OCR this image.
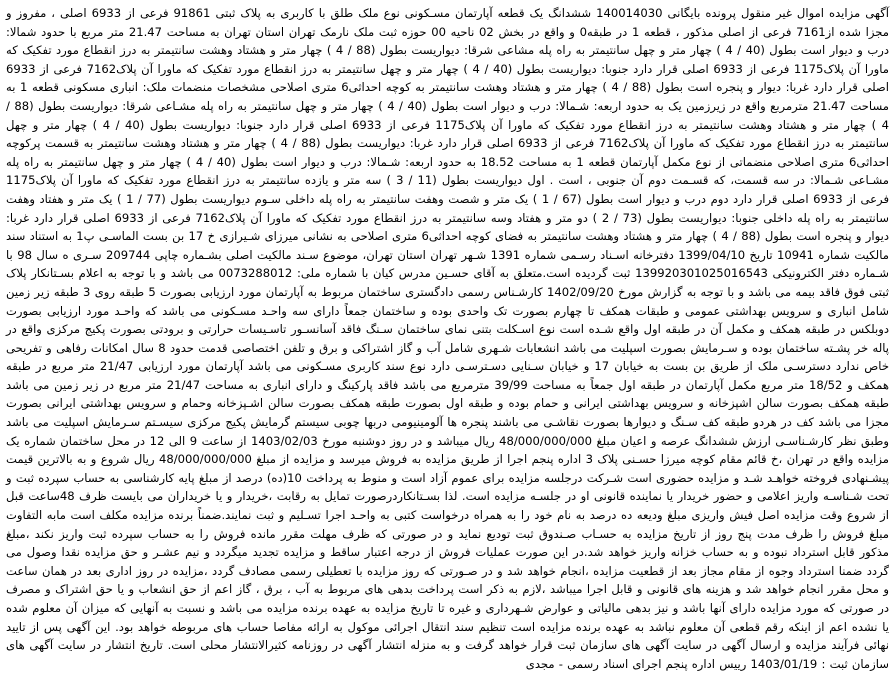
آگهی مزایده اموال غیر منقول پرونده بایگانی 140014030 ششدانگ یک قطعه آپارتمان مسـکونی نوع ملک طلق با کاربری به پلاک ثبتی 91861 فرعی از 6933 اصلی ، مفروز و مجزا شده از7161 فرعی از اصلی مذکور ، قطعه 1 در طبقه0 و واقع در بخش 02 ناحیه 00 حوزه ثبت ملک نارمک تهران استان تهران به مساحت 21.47 متر مربع با حدود شمالا: درب و دیوار است بطول (40 / 4 ) چهار متر و چهل سانتیمتر به راه پله مشاعی شرقا: دیواریست بطول (88 / 4 ) چهار متر و هشتاد وهشت سانتیمتر به درز انقطاع مورد تفکیک که ماورا آن پلاک1175 فرعی از 6933 اصلی قرار دارد جنوبا: دیواریست بطول (40 / 4 ) چهار متر و چهل سانتیمتر به درز انقطاع مورد تفکیک که ماورا آن پلاک7162 فرعی از 6933 اصلی قرار دارد غربا: دیوار و پنجره است بطول (88 / 4 ) چهار متر و هشتاد وهشت سانتیمتر به کوچه احداثی6 متری اصلاحی مشخصات منضمات ملک: انباری مسکونی قطعه 1 به مساحت 21.47 مترمربع واقع در زیرزمین یک به حدود اربعه: شـمالا: درب و دیوار است بطول (40 / 4 ) چهار متر و چهل سانتیمتر به راه پله مشـاعی شرقا: دیواریست بطول (88 / 4 ) چهار متر و هشتاد وهشت سانتیمتر به درز انقطاع مورد تفکیک که ماورا آن پلاک1175 فرعی از 6933 اصلی قرار دارد جنوبا: دیواریست بطول (40 / 4 ) چهار متر و چهل سانتیمتر به درز انقطاع مورد تفکیک که ماورا آن پلاک7162 فرعی از 6933 اصلی قرار دارد غربا: دیواریست بطول (88 / 4 ) چهار متر و هشتاد وهشت سانتیمتر به قسمت پرکوچه احداثی6 متری اصلاحی منضماتی از نوع مکمل آپارتمان قطعه 1 به مساحت 18.52 به حدود اربعه: شـمالا: درب و دیوار است بطول (40 / 4 ) چهار متر و چهل سانتیمتر به راه پله مشـاعی شـمالا: در سه قسمت، که قسـمت دوم آن جنوبی ، است . اول دیواریست بطول (11 / 3 ) سه متر و یازده سانتیمتر به درز انقطاع مورد تفکیک که ماورا آن پلاک1175 فرعی از 6933 اصلی قرار دارد دوم درب و دیوار است بطول (67 / 1 ) یک متر و شصت وهفت سانتیمتر به راه پله داخلی سـوم دیواریست بطول (77 / 1 ) یک متر و هفتاد وهفت سانتیمتر به راه پله داخلی جنوبا: دیواریست بطول (73 / 2 ) دو متر و هفتاد وسه سانتیمتر به درز انقطاع مورد تفکیک که ماورا آن پلاک7162 فرعی از 6933 اصلی قرار دارد غربا: دیوار و پنجره است بطول (88 / 4 ) چهار متر و هشتاد وهشت سانتیمتر به فضای کوچه احداثی6 متری اصلاحی به نشانی میرزای شـیرازی خ 17 بن بست الماسـی پ1 به استناد سند مالکیت شماره 10941 تاریخ 1399/04/10 دفترخانه اسـناد رسـمی شماره 1391 شـهر تهران استان تهران، موضوع سـند مالکیت اصلی بشـماره چاپی 209744 سـری ه سال 98 با شـماره دفتر الکترونیکی 139920301025016543 ثبت گردیده است.متعلق به آقای حسـین مدرس کیان با شماره ملی: 0073288012 می باشد و با توجه به اعلام بسـتانکار پلاک ثبتی فوق فاقد بیمه می باشد و با توجه به گزارش مورخ 1402/09/20 کارشـناس رسمی دادگستری ساختمان مربوط به آپارتمان مورد ارزیابی بصورت 5 طبقه روی 3 طبقه زیر زمین شامل انباری و سرویس بهداشتی عمومی و طبقات همکف تا چهارم بصورت تک واحدی بوده و ساختمان جمعاً دارای سه واحـد مسـکونی می باشد که واحـد مورد ارزیابی بصورت دوبلکس در طبقه همکف و مکمل آن در طبقه اول واقع شـده است نوع اسـکلت بتنی نمای ساختمان سـنگ فاقد آسانسـور تاسـیسات حرارتی و برودتی بصورت پکیج مرکزی واقع در پاله خر پشـته ساختمان بوده و سـرمایش بصورت اسپلیت می باشد انشعابات شـهری شامل آب و گاز اشتراکی و برق و تلفن اختصاصی قدمت حدود 8 سال امکانات رفاهی و تفریحی خاص ندارد دسترسـی ملک از طریق بن بست به خیابان 17 و خیابان سـنایی دسـترسـی دارد نوع سند کاربری مسـکونی می باشد آپارتمان مورد ارزیابی 21/47 متر مربع در طبقه همکف و 18/52 متر مربع مکمل آپارتمان در طبقه اول جمعاً به مساحت 39/99 مترمربع می باشد فاقد پارکینگ و دارای انباری به مساحت 21/47 متر مربع در زیر زمین می باشد طبقه همکف بصورت سالن اشپزخانه و سرویس بهداشتی ایرانی و حمام بوده و طبقه اول بصورت طبقه همکف بصورت سالن اشـپزخانه وحمام و سرویس بهداشتی ایرانی بصورت مجزا می باشد کف در هردو طبقه کف سـنگ و دیوارها بصورت نقاشـی می باشند پنجره ها آلومینیومی دربها چوبی سیستم گرمایش پکیج مرکزی سیسـتم سـرمایش اسپلیت می باشد وطبق نظر کارشـناسـی ارزش ششدانگ عرصه و اعیان مبلغ 48/000/000/000 ریال میباشد و در روز دوشنبه مورخ 1403/02/03 از ساعت 9 الی 12 در محل ساختمان شماره یک مزایده واقع در تهران ،خ قائم مقام کوچه میرزا حسـنی پلاک 3 اداره پنجم اجرا از طریق مزایده به فروش میرسد و مزایده از مبلغ 48/000/000/000 ریال شروع و به بالاترین قیمت پیشـنهادی فروخته خواهـد شـد و مزایده حضوری است شـرکت درجلسه مزایده برای عموم آزاد است و منوط به پرداخت 10(ده) درصد از مبلغ پایه کارشناسی به حساب سپرده ثبت و تحت شـناسـه واریز اعلامی و حضور خریدار یا نماینده قانونی او در جلسـه مزایده است. لذا بسـتانکاردرصورت تمایل به رقابت ،خریدار و یا خریداران می بایست ظرف 48ساعت قبل از شروع وقت مزایده اصل فیش واریزی مبلغ ودیعه ده درصد به نام خود را به همراه درخواست کتبی به واحـد اجرا تسـلیم و ثبت نمایند.ضمناً برنده مزایده مکلف است مابه التفاوت مبلغ فروش را ظرف مدت پنج روز از تاریخ مزایده به حسـاب صـندوق ثبت تودیع نماید و در صورتی که ظرف مهلت مقرر مانده فروش را به حساب سپرده ثبت واریز نکند ،مبلغ مذکور قابل استرداد نبوده و به حساب خزانه واریز خواهد شد.در این صورت عملیات فروش از درجه اعتبار ساقط و مزایده تجدید میگردد و نیم عشـر و حق مزایده نقدا وصول می گردد ضمنا استرداد وجوه از مقام مجاز بعد از قطعیت مزایده ،انجام خواهد شد و در صـورتی که روز مزایده با تعطیلی رسمی مصادف گردد ،مزایده در روز اداری بعد در همان ساعت و محل مقرر انجام خواهد شد و هزینه های قانونی و قابل اجرا میباشد ،لازم به ذکر است پرداخت بدهی های مربوط به آب ، برق ، گاز اعم از حق انشعاب و یا حق اشتراک و مصرف در صورتی که مورد مزایده دارای آنها باشد و نیز بدهی مالیاتی و عوارض شـهرداری و غیره تا تاریخ مزایده به عهده برنده مزایده می باشد و نسبت به آنهایی که میزان آن معلوم شده یا نشده اعم از اینکه رقم قطعی آن معلوم نباشد به عهده برنده مزایده است تنظیم سند انتقال اجرائی موکول به ارائه مفاصا حساب های مربوطه خواهد بود. این آگهی پس از تایید نهائی فرآیند مزایده و ارسال آگهی در سایت آگهی های سازمان ثبت قرار خواهد گرفت و به منزله انتشار آگهی در روزنامه کثیرالانتشار محلی است. تاریخ انتشار در سایت آگهی های سازمان ثبت : 1403/01/19 رییس اداره پنجم اجرای اسناد رسمی - مجدی
